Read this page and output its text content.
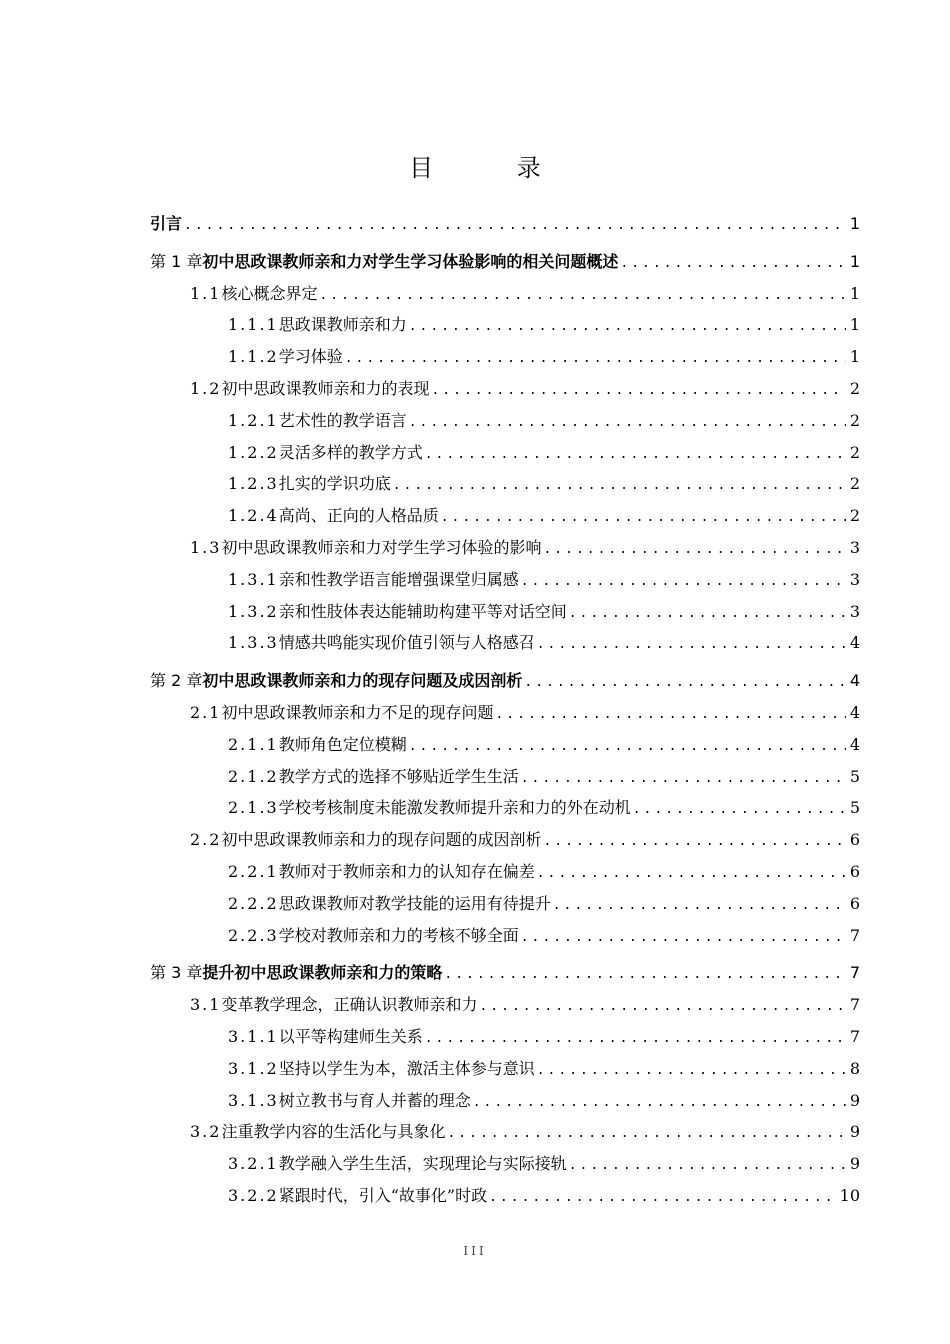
目 录
引言 .....	1
第 1 章 初中思政课教师亲和力对学生学习体验影响的相关问题概述 .....	1
1.1 核心概念界定 .....	1
1.1.1 思政课教师亲和力 .....	1
1.1.2 学习体验 .....	1
1.2 初中思政课教师亲和力的表现 .....	2
1.2.1 艺术性的教学语言 .....	2
1.2.2 灵活多样的教学方式 .....	2
1.2.3 扎实的学识功底 .....	2
1.2.4 高尚、正向的人格品质 .....	2
1.3 初中思政课教师亲和力对学生学习体验的影响 .....	3
1.3.1 亲和性教学语言能增强课堂归属感 .....	3
1.3.2 亲和性肢体表达能辅助构建平等对话空间 .....	3
1.3.3 情感共鸣能实现价值引领与人格感召 .....	4
第 2 章 初中思政课教师亲和力的现存问题及成因剖析 .....	4
2.1 初中思政课教师亲和力不足的现存问题 .....	4
2.1.1 教师角色定位模糊 .....	4
2.1.2 教学方式的选择不够贴近学生生活 .....	5
2.1.3 学校考核制度未能激发教师提升亲和力的外在动机 .....	5
2.2 初中思政课教师亲和力的现存问题的成因剖析 .....	6
2.2.1 教师对于教师亲和力的认知存在偏差 .....	6
2.2.2 思政课教师对教学技能的运用有待提升 .....	6
2.2.3 学校对教师亲和力的考核不够全面 .....	7
第 3 章 提升初中思政课教师亲和力的策略 .....	7
3.1 变革教学理念，正确认识教师亲和力 .....	7
3.1.1 以平等构建师生关系 .....	7
3.1.2 坚持以学生为本，激活主体参与意识 .....	8
3.1.3 树立教书与育人并蓄的理念 .....	9
3.2 注重教学内容的生活化与具象化 .....	9
3.2.1 教学融入学生生活，实现理论与实际接轨 .....	9
3.2.2 紧跟时代，引入“故事化”时政 .....	10
III
